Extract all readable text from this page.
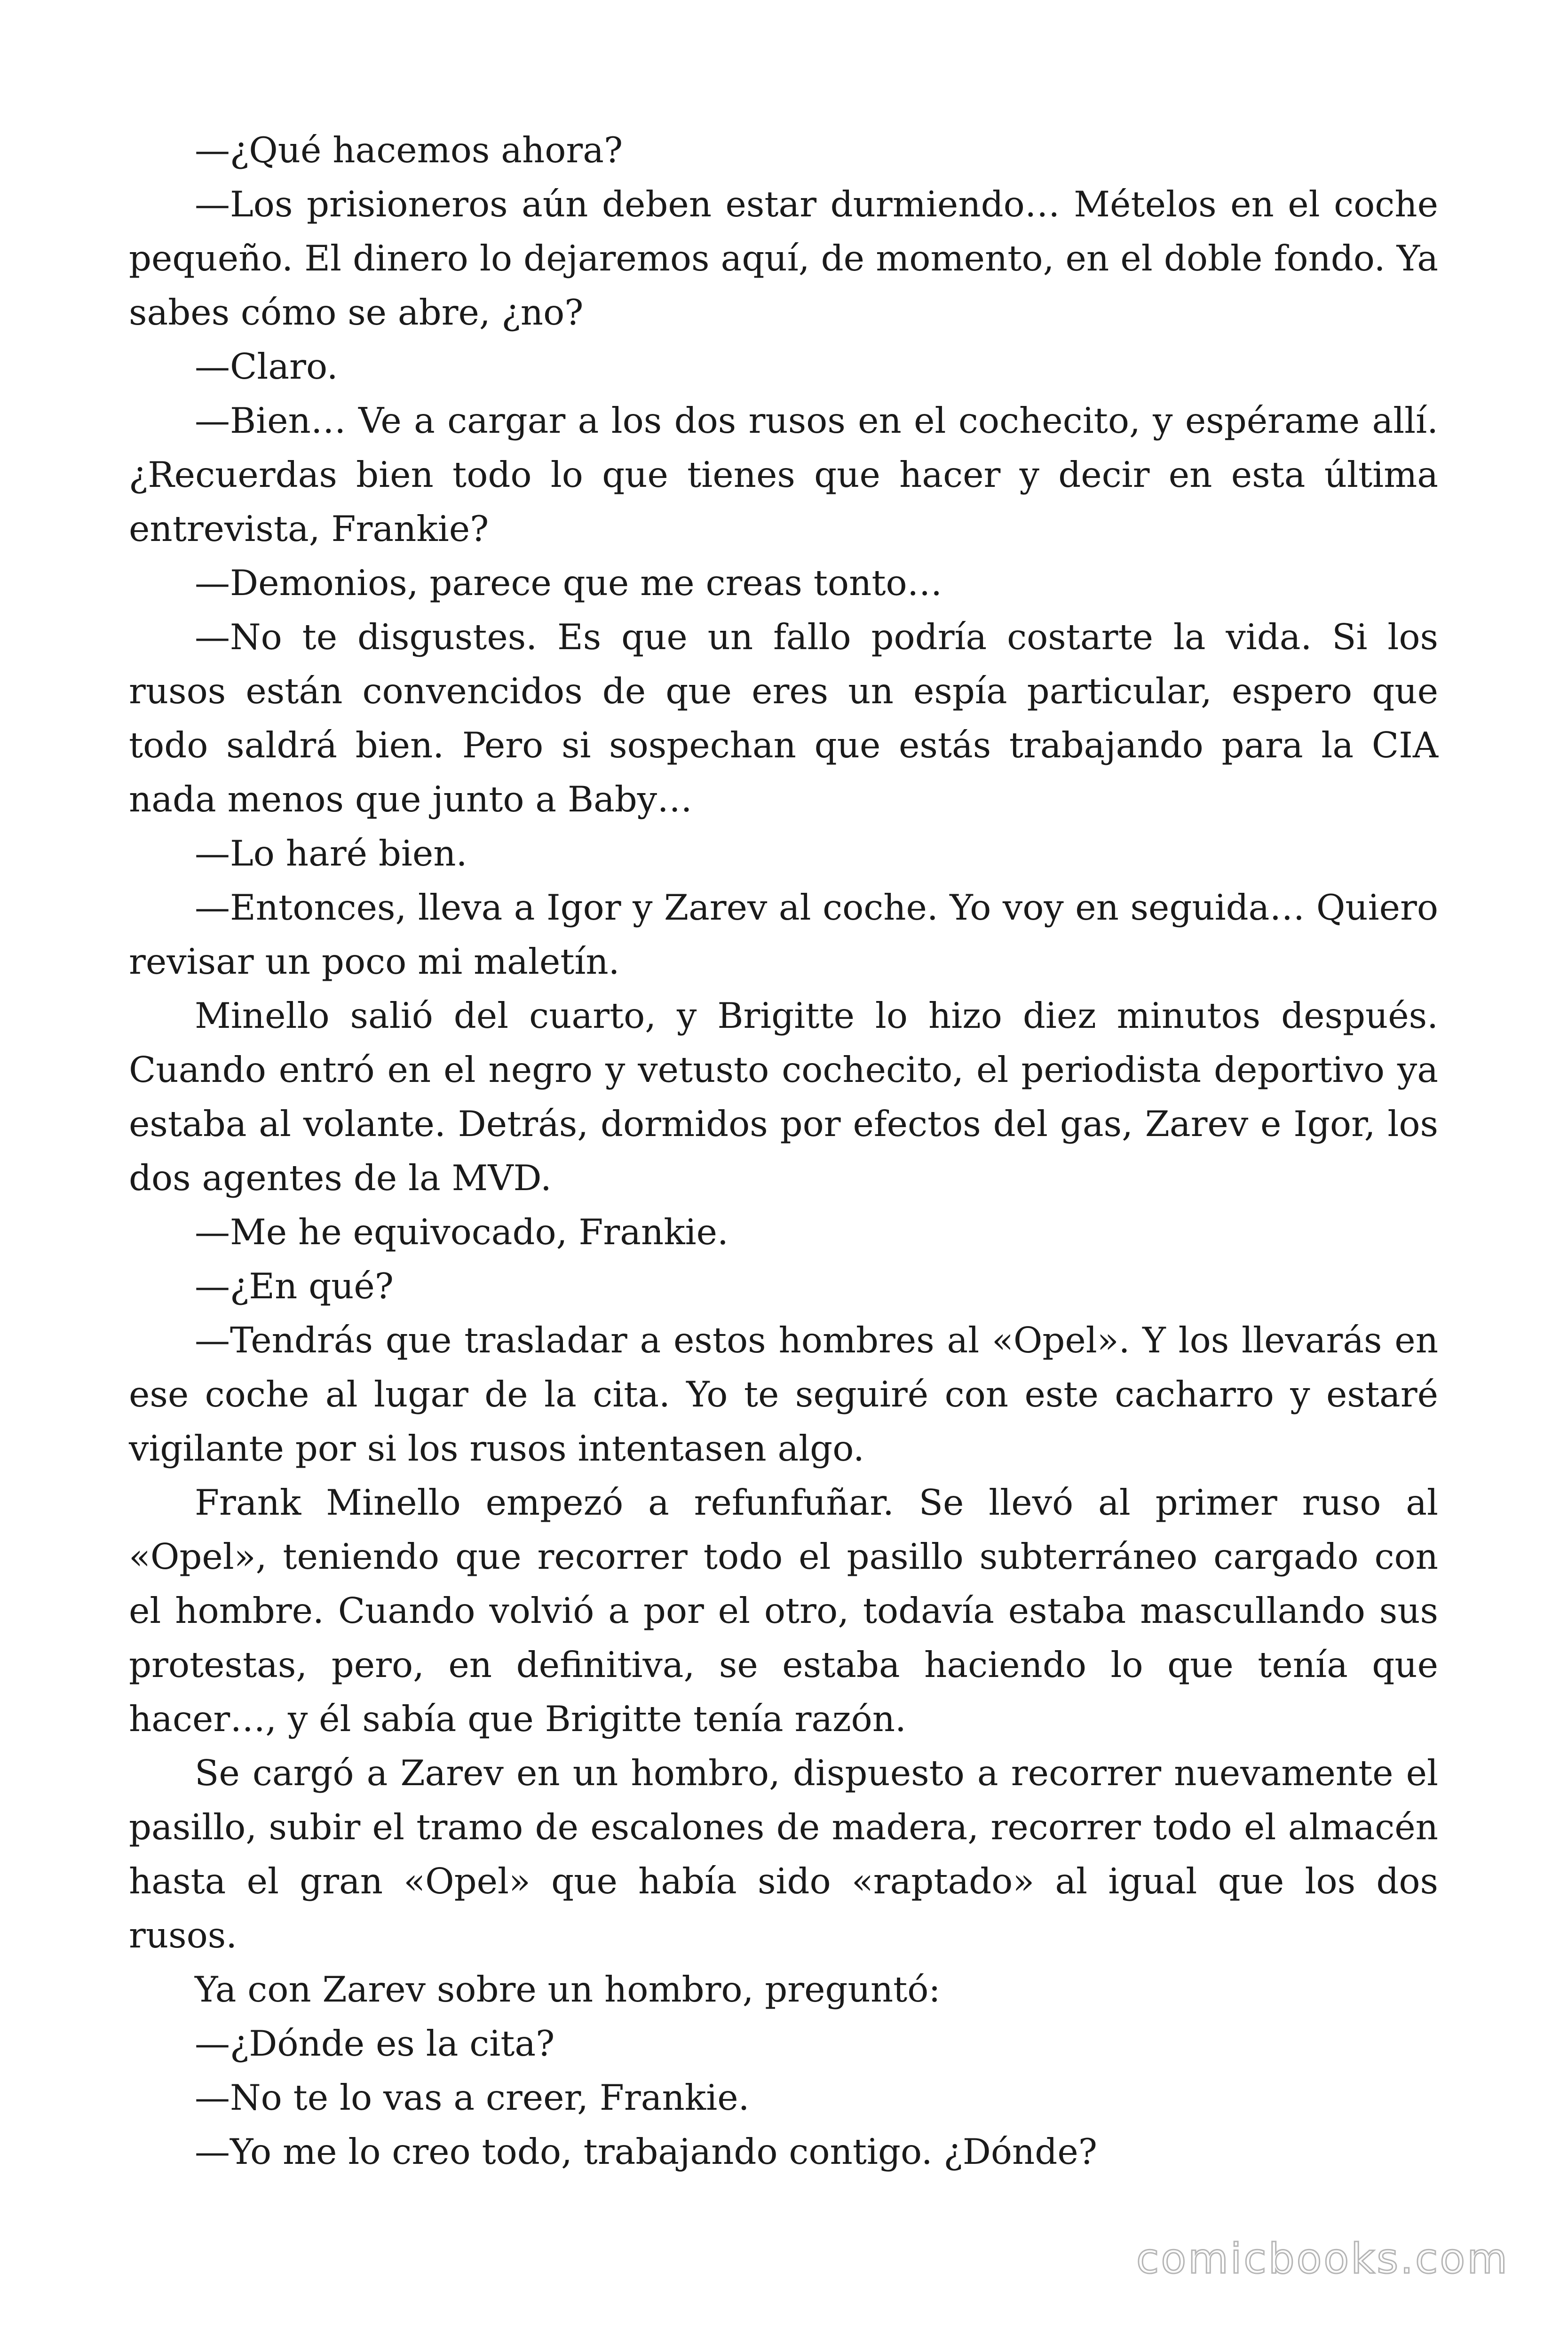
—¿Qué hacemos ahora?

—Los prisioneros aún deben estar durmiendo… Mételos en el coche pequeño. El dinero lo dejaremos aquí, de momento, en el doble fondo. Ya sabes cómo se abre, ¿no?

—Claro.

—Bien… Ve a cargar a los dos rusos en el cochecito, y espérame allí. ¿Recuerdas bien todo lo que tienes que hacer y decir en esta última entrevista, Frankie?

—Demonios, parece que me creas tonto…

—No te disgustes. Es que un fallo podría costarte la vida. Si los rusos están convencidos de que eres un espía particular, espero que todo saldrá bien. Pero si sospechan que estás trabajando para la CIA nada menos que junto a Baby…

—Lo haré bien.

—Entonces, lleva a Igor y Zarev al coche. Yo voy en seguida… Quiero revisar un poco mi maletín.

Minello salió del cuarto, y Brigitte lo hizo diez minutos después. Cuando entró en el negro y vetusto cochecito, el periodista deportivo ya estaba al volante. Detrás, dormidos por efectos del gas, Zarev e Igor, los dos agentes de la MVD.

—Me he equivocado, Frankie.

—¿En qué?

—Tendrás que trasladar a estos hombres al «Opel». Y los llevarás en ese coche al lugar de la cita. Yo te seguiré con este cacharro y estaré vigilante por si los rusos intentasen algo.

Frank Minello empezó a refunfuñar. Se llevó al primer ruso al «Opel», teniendo que recorrer todo el pasillo subterráneo cargado con el hombre. Cuando volvió a por el otro, todavía estaba mascullando sus protestas, pero, en definitiva, se estaba haciendo lo que tenía que hacer…, y él sabía que Brigitte tenía razón.

Se cargó a Zarev en un hombro, dispuesto a recorrer nuevamente el pasillo, subir el tramo de escalones de madera, recorrer todo el almacén hasta el gran «Opel» que había sido «raptado» al igual que los dos rusos.

Ya con Zarev sobre un hombro, preguntó:

—¿Dónde es la cita?

—No te lo vas a creer, Frankie.

—Yo me lo creo todo, trabajando contigo. ¿Dónde?

comicbooks.com
